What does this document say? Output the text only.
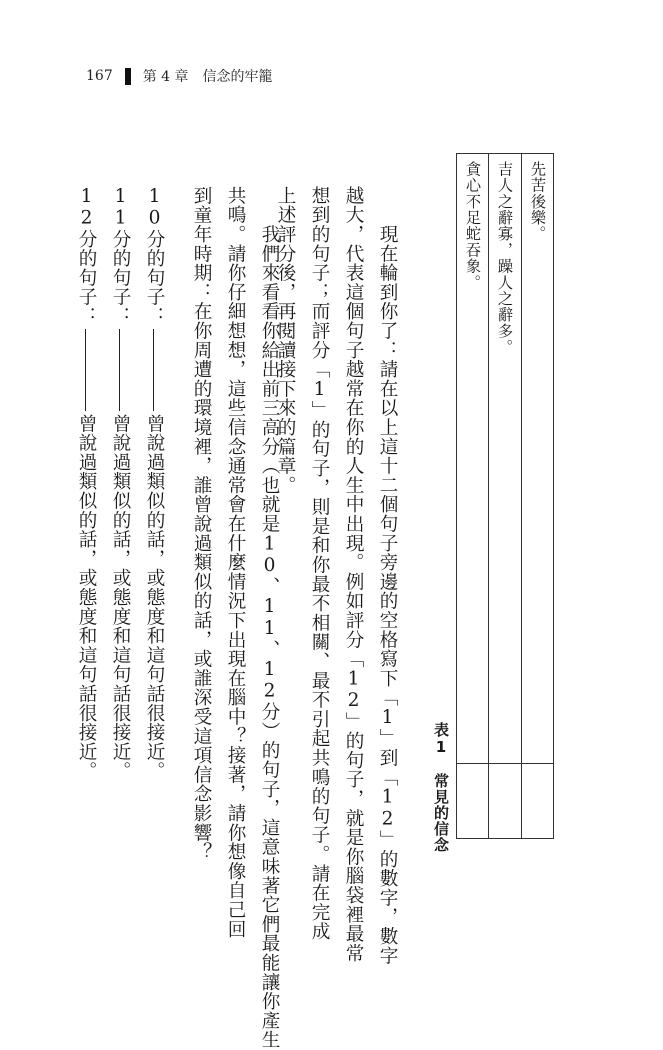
167 第 4 章　信念的牢籠
先苦後樂。
吉人之辭寡，躁人之辭多。
貪心不足蛇吞象。
表1　常見的信念
　　現在輪到你了：請在以上這十二個句子旁邊的空格寫下「1」到「12」的數字，數字
越大，代表這個句子越常在你的人生中出現。例如評分「12」的句子，就是你腦袋裡最常
想到的句子；而評分「1」的句子，則是和你最不相關、最不引起共鳴的句子。請在完成
上述評分後，再閱讀接下來的篇章。
　　我們來看看你給出前三高分（也就是10、11、12分）的句子，這意味著它們最能讓你產生
共鳴。請你仔細想想，這些信念通常會在什麼情況下出現在腦中？接著，請你想像自己回
到童年時期：在你周遭的環境裡，誰曾說過類似的話，或誰深受這項信念影響？
10分的句子：曾說過類似的話，或態度和這句話很接近。
11分的句子：曾說過類似的話，或態度和這句話很接近。
12分的句子：曾說過類似的話，或態度和這句話很接近。
